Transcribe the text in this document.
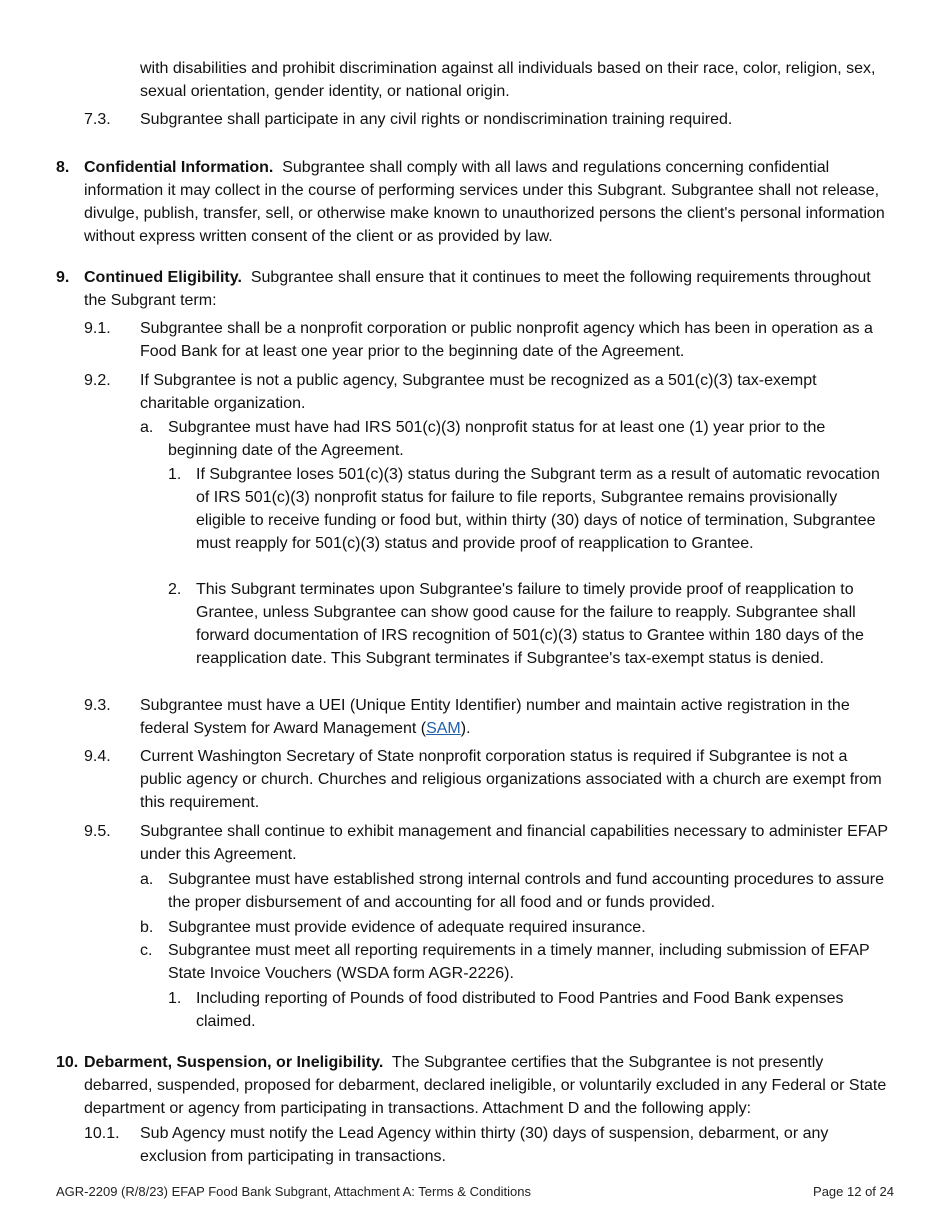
with disabilities and prohibit discrimination against all individuals based on their race, color, religion, sex, sexual orientation, gender identity, or national origin.

7.3. Subgrantee shall participate in any civil rights or nondiscrimination training required.

8. Confidential Information. Subgrantee shall comply with all laws and regulations concerning confidential information it may collect in the course of performing services under this Subgrant. Subgrantee shall not release, divulge, publish, transfer, sell, or otherwise make known to unauthorized persons the client's personal information without express written consent of the client or as provided by law.

9. Continued Eligibility. Subgrantee shall ensure that it continues to meet the following requirements throughout the Subgrant term:

9.1. Subgrantee shall be a nonprofit corporation or public nonprofit agency which has been in operation as a Food Bank for at least one year prior to the beginning date of the Agreement.

9.2. If Subgrantee is not a public agency, Subgrantee must be recognized as a 501(c)(3) tax-exempt charitable organization.

a. Subgrantee must have had IRS 501(c)(3) nonprofit status for at least one (1) year prior to the beginning date of the Agreement.

1. If Subgrantee loses 501(c)(3) status during the Subgrant term as a result of automatic revocation of IRS 501(c)(3) nonprofit status for failure to file reports, Subgrantee remains provisionally eligible to receive funding or food but, within thirty (30) days of notice of termination, Subgrantee must reapply for 501(c)(3) status and provide proof of reapplication to Grantee.

2. This Subgrant terminates upon Subgrantee's failure to timely provide proof of reapplication to Grantee, unless Subgrantee can show good cause for the failure to reapply. Subgrantee shall forward documentation of IRS recognition of 501(c)(3) status to Grantee within 180 days of the reapplication date. This Subgrant terminates if Subgrantee's tax-exempt status is denied.

9.3. Subgrantee must have a UEI (Unique Entity Identifier) number and maintain active registration in the federal System for Award Management (SAM).

9.4. Current Washington Secretary of State nonprofit corporation status is required if Subgrantee is not a public agency or church. Churches and religious organizations associated with a church are exempt from this requirement.

9.5. Subgrantee shall continue to exhibit management and financial capabilities necessary to administer EFAP under this Agreement.

a. Subgrantee must have established strong internal controls and fund accounting procedures to assure the proper disbursement of and accounting for all food and or funds provided.

b. Subgrantee must provide evidence of adequate required insurance.

c. Subgrantee must meet all reporting requirements in a timely manner, including submission of EFAP State Invoice Vouchers (WSDA form AGR-2226).

1. Including reporting of Pounds of food distributed to Food Pantries and Food Bank expenses claimed.

10. Debarment, Suspension, or Ineligibility. The Subgrantee certifies that the Subgrantee is not presently debarred, suspended, proposed for debarment, declared ineligible, or voluntarily excluded in any Federal or State department or agency from participating in transactions. Attachment D and the following apply:

10.1. Sub Agency must notify the Lead Agency within thirty (30) days of suspension, debarment, or any exclusion from participating in transactions.

AGR-2209 (R/8/23) EFAP Food Bank Subgrant, Attachment A: Terms & Conditions	Page 12 of 24
